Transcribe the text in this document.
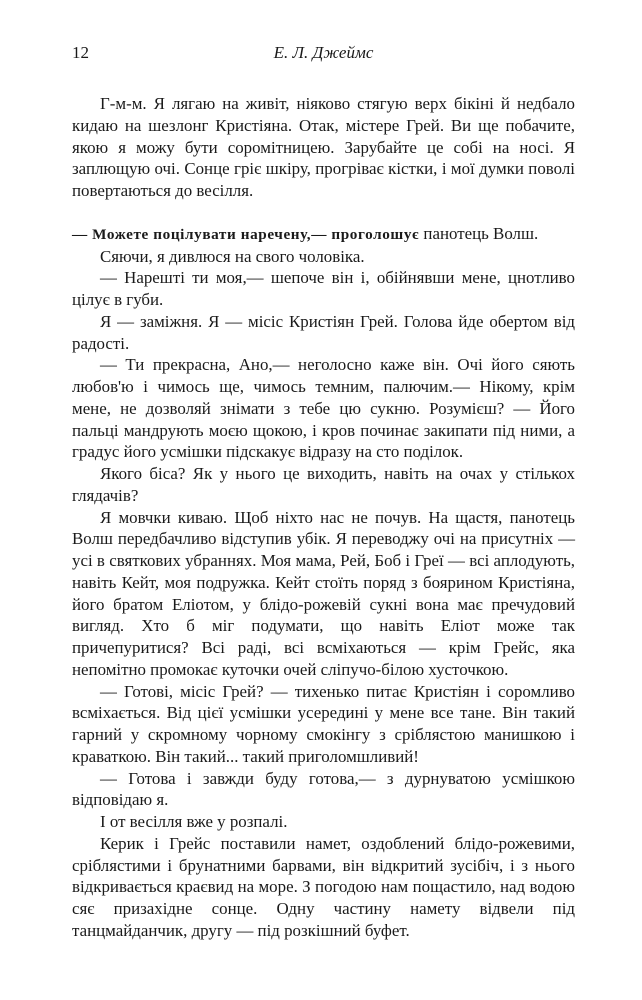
12	Е. Л. Джеймс

Г-м-м. Я лягаю на живіт, ніяково стягую верх бікіні й недбало кидаю на шезлонг Кристіяна. Отак, містере Грей. Ви ще побачите, якою я можу бути соромітницею. Зарубайте це собі на носі. Я заплющую очі. Сонце гріє шкіру, прогріває кістки, і мої думки поволі повертаються до весілля.

— Можете поцілувати наречену,— проголошує панотець Волш.

Сяючи, я дивлюся на свого чоловіка.

— Нарешті ти моя,— шепоче він і, обійнявши мене, цнотливо цілує в губи.

Я — заміжня. Я — місіс Кристіян Грей. Голова йде обертом від радості.

— Ти прекрасна, Ано,— неголосно каже він. Очі його сяють любов'ю і чимось ще, чимось темним, палючим.— Нікому, крім мене, не дозволяй знімати з тебе цю сукню. Розумієш? — Його пальці мандрують моєю щокою, і кров починає закипати під ними, а градус його усмішки підскакує відразу на сто поділок.

Якого біса? Як у нього це виходить, навіть на очах у стількох глядачів?

Я мовчки киваю. Щоб ніхто нас не почув. На щастя, панотець Волш передбачливо відступив убік. Я переводжу очі на присутніх — усі в святкових убраннях. Моя мама, Рей, Боб і Греї — всі аплодують, навіть Кейт, моя подружка. Кейт стоїть поряд з боярином Кристіяна, його братом Еліотом, у блідо-рожевій сукні вона має пречудовий вигляд. Хто б міг подумати, що навіть Еліот може так причепуритися? Всі раді, всі всміхаються — крім Грейс, яка непомітно промокає куточки очей сліпучо-білою хусточкою.

— Готові, місіс Грей? — тихенько питає Кристіян і соромливо всміхається. Від цієї усмішки усередині у мене все тане. Він такий гарний у скромному чорному смокінгу з сріблястою манишкою і краваткою. Він такий... такий приголомшливий!

— Готова і завжди буду готова,— з дурнуватою усмішкою відповідаю я.

І от весілля вже у розпалі.

Керик і Грейс поставили намет, оздоблений блідо-рожевими, сріблястими і брунатними барвами, він відкритий зусібіч, і з нього відкривається краєвид на море. З погодою нам пощастило, над водою сяє призахідне сонце. Одну частину намету відвели під танцмайданчик, другу — під розкішний буфет.
